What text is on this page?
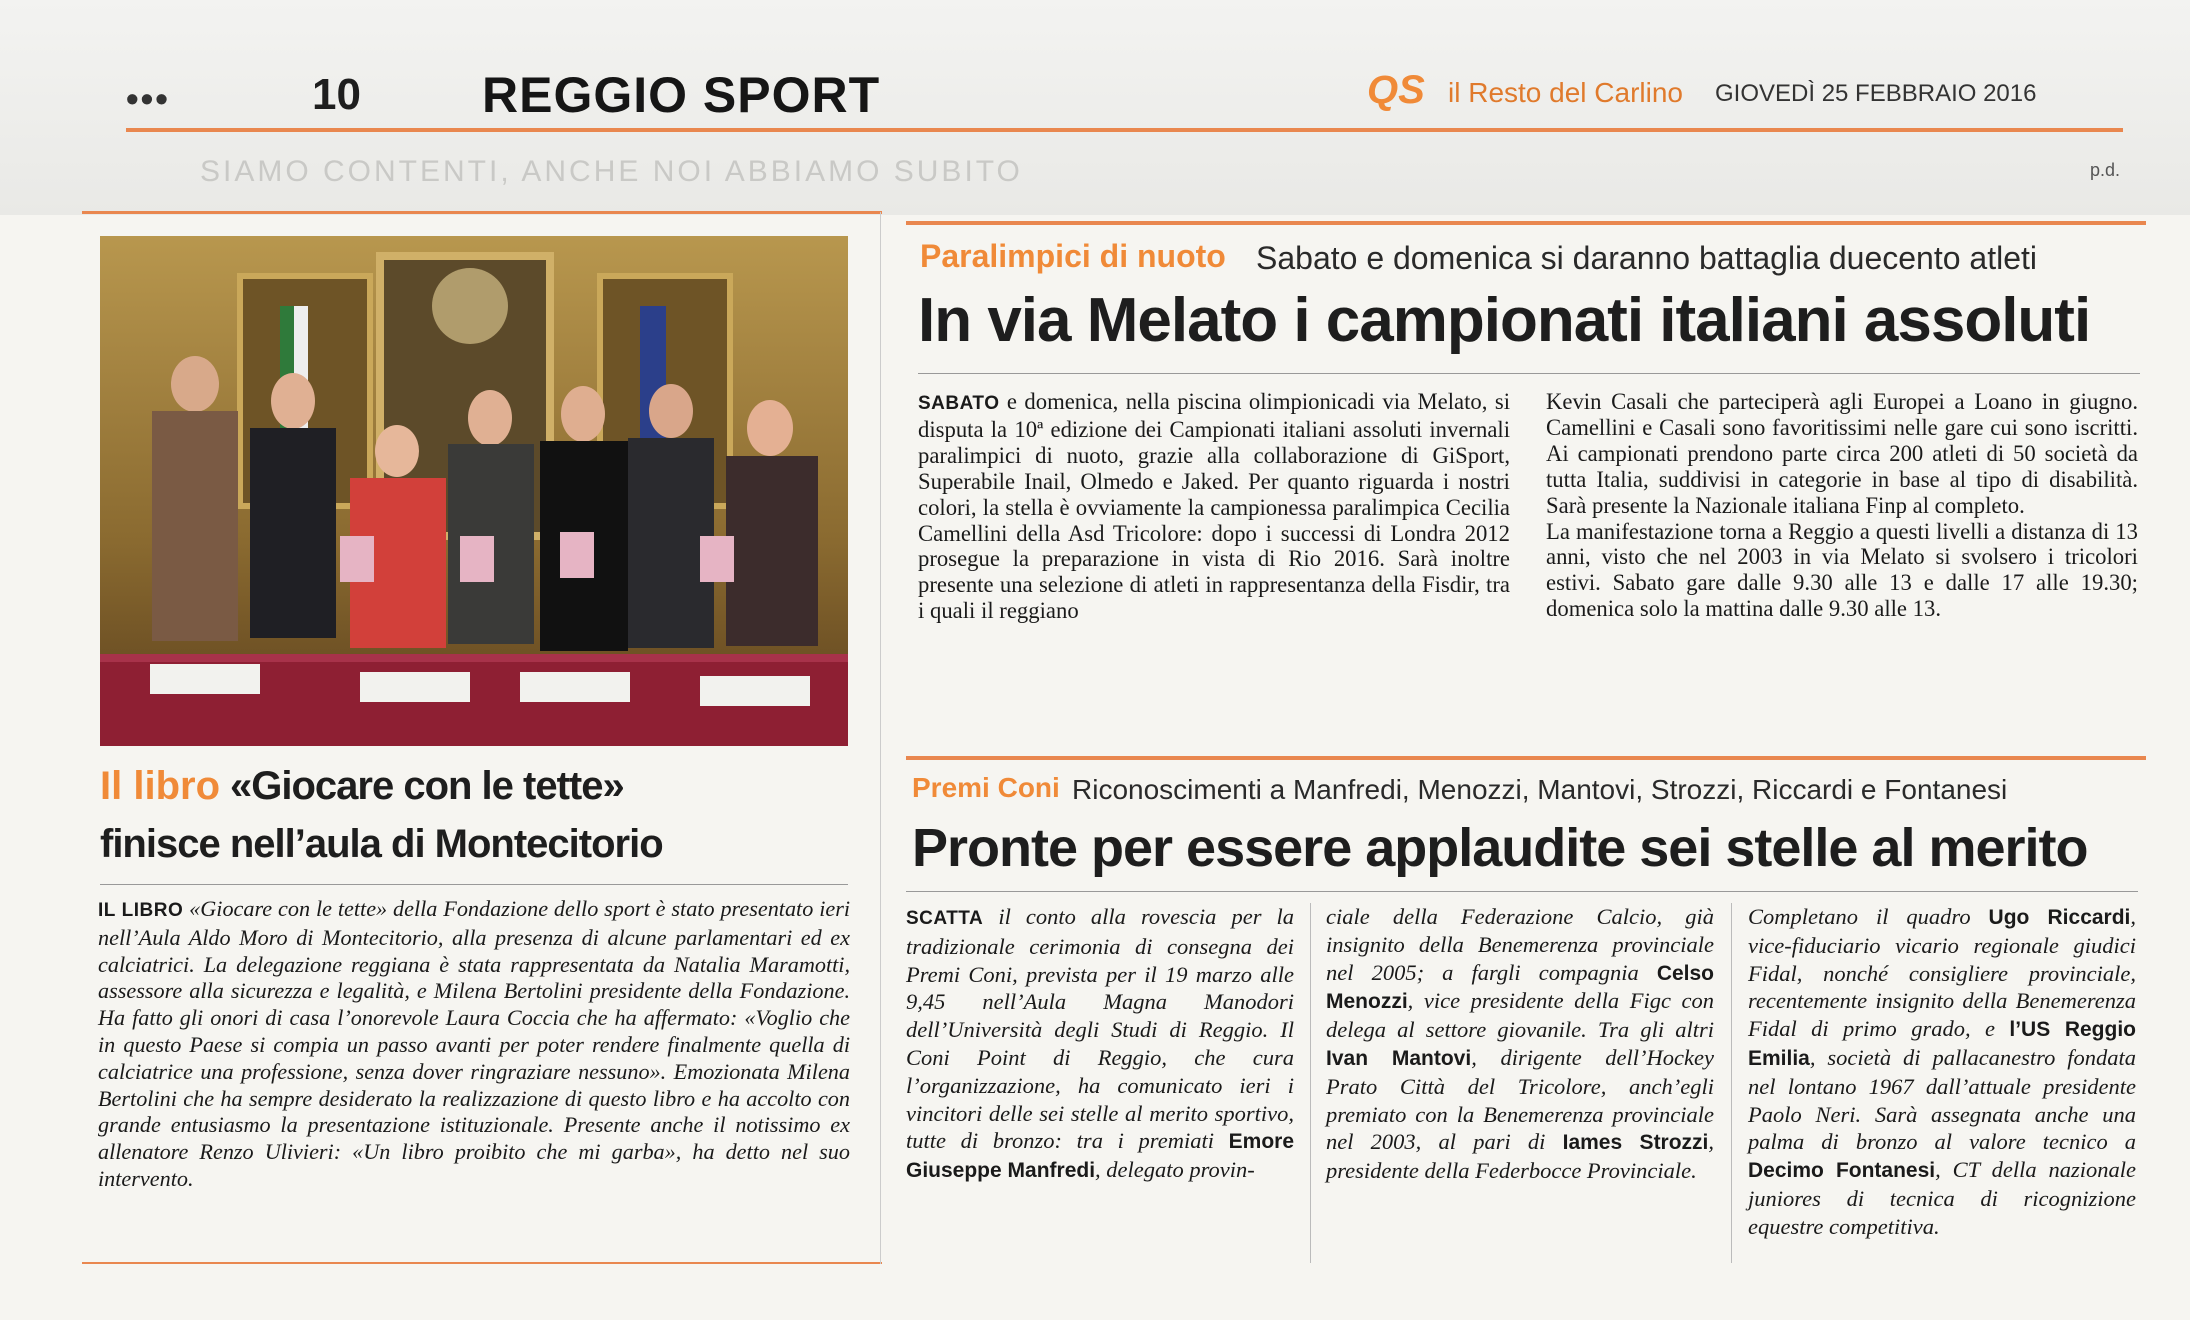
SIAMO CONTENTI, ANCHE NOI ABBIAMO SUBITO
•••	10 REGGIO SPORT	QS il Resto del Carlino GIOVEDÌ 25 FEBBRAIO 2016
p.d.
Il libro «Giocare con le tette»
finisce nell’aula di Montecitorio
IL LIBRO «Giocare con le tette» della Fondazione dello sport è stato presentato ieri nell’Aula Aldo Moro di Montecitorio, alla presenza di alcune parlamentari ed ex calciatrici. La delegazione reggiana è stata rappresentata da Natalia Maramotti, assessore alla sicurezza e legalità, e Milena Bertolini presidente della Fondazione. Ha fatto gli onori di casa l’onorevole Laura Coccia che ha affermato: «Voglio che in questo Paese si compia un passo avanti per poter rendere finalmente quella di calciatrice una professione, senza dover ringraziare nessuno». Emozionata Milena Bertolini che ha sempre desiderato la realizzazione di questo libro e ha accolto con grande entusiasmo la presentazione istituzionale. Presente anche il notissimo ex allenatore Renzo Ulivieri: «Un libro proibito che mi garba», ha detto nel suo intervento.
Paralimpici di nuoto Sabato e domenica si daranno battaglia duecento atleti
In via Melato i campionati italiani assoluti
SABATO e domenica, nella piscina olimpionicadi via Melato, si disputa la 10ª edizione dei Campionati italiani assoluti invernali paralimpici di nuoto, grazie alla collaborazione di GiSport, Superabile Inail, Olmedo e Jaked. Per quanto riguarda i nostri colori, la stella è ovviamente la campionessa paralimpica Cecilia Camellini della Asd Tricolore: dopo i successi di Londra 2012 prosegue la preparazione in vista di Rio 2016. Sarà inoltre presente una selezione di atleti in rappresentanza della Fisdir, tra i quali il reggiano
Kevin Casali che parteciperà agli Europei a Loano in giugno. Camellini e Casali sono favoritissimi nelle gare cui sono iscritti. Ai campionati prendono parte circa 200 atleti di 50 società da tutta Italia, suddivisi in categorie in base al tipo di disabilità. Sarà presente la Nazionale italiana Finp al completo.
La manifestazione torna a Reggio a questi livelli a distanza di 13 anni, visto che nel 2003 in via Melato si svolsero i tricolori estivi. Sabato gare dalle 9.30 alle 13 e dalle 17 alle 19.30; domenica solo la mattina dalle 9.30 alle 13.
Premi Coni Riconoscimenti a Manfredi, Menozzi, Mantovi, Strozzi, Riccardi e Fontanesi
Pronte per essere applaudite sei stelle al merito
SCATTA il conto alla rovescia per la tradizionale cerimonia di consegna dei Premi Coni, prevista per il 19 marzo alle 9,45 nell’Aula Magna Manodori dell’Università degli Studi di Reggio. Il Coni Point di Reggio, che cura l’organizzazione, ha comunicato ieri i vincitori delle sei stelle al merito sportivo, tutte di bronzo: tra i premiati Emore Giuseppe Manfredi, delegato provin-
ciale della Federazione Calcio, già insignito della Benemerenza provinciale nel 2005; a fargli compagnia Celso Menozzi, vice presidente della Figc con delega al settore giovanile. Tra gli altri Ivan Mantovi, dirigente dell’Hockey Prato Città del Tricolore, anch’egli premiato con la Benemerenza provinciale nel 2003, al pari di Iames Strozzi, presidente della Federbocce Provinciale.
Completano il quadro Ugo Riccardi, vice-fiduciario vicario regionale giudici Fidal, nonché consigliere provinciale, recentemente insignito della Benemerenza Fidal di primo grado, e l’US Reggio Emilia, società di pallacanestro fondata nel lontano 1967 dall’attuale presidente Paolo Neri. Sarà assegnata anche una palma di bronzo al valore tecnico a Decimo Fontanesi, CT della nazionale juniores di tecnica di ricognizione equestre competitiva.
